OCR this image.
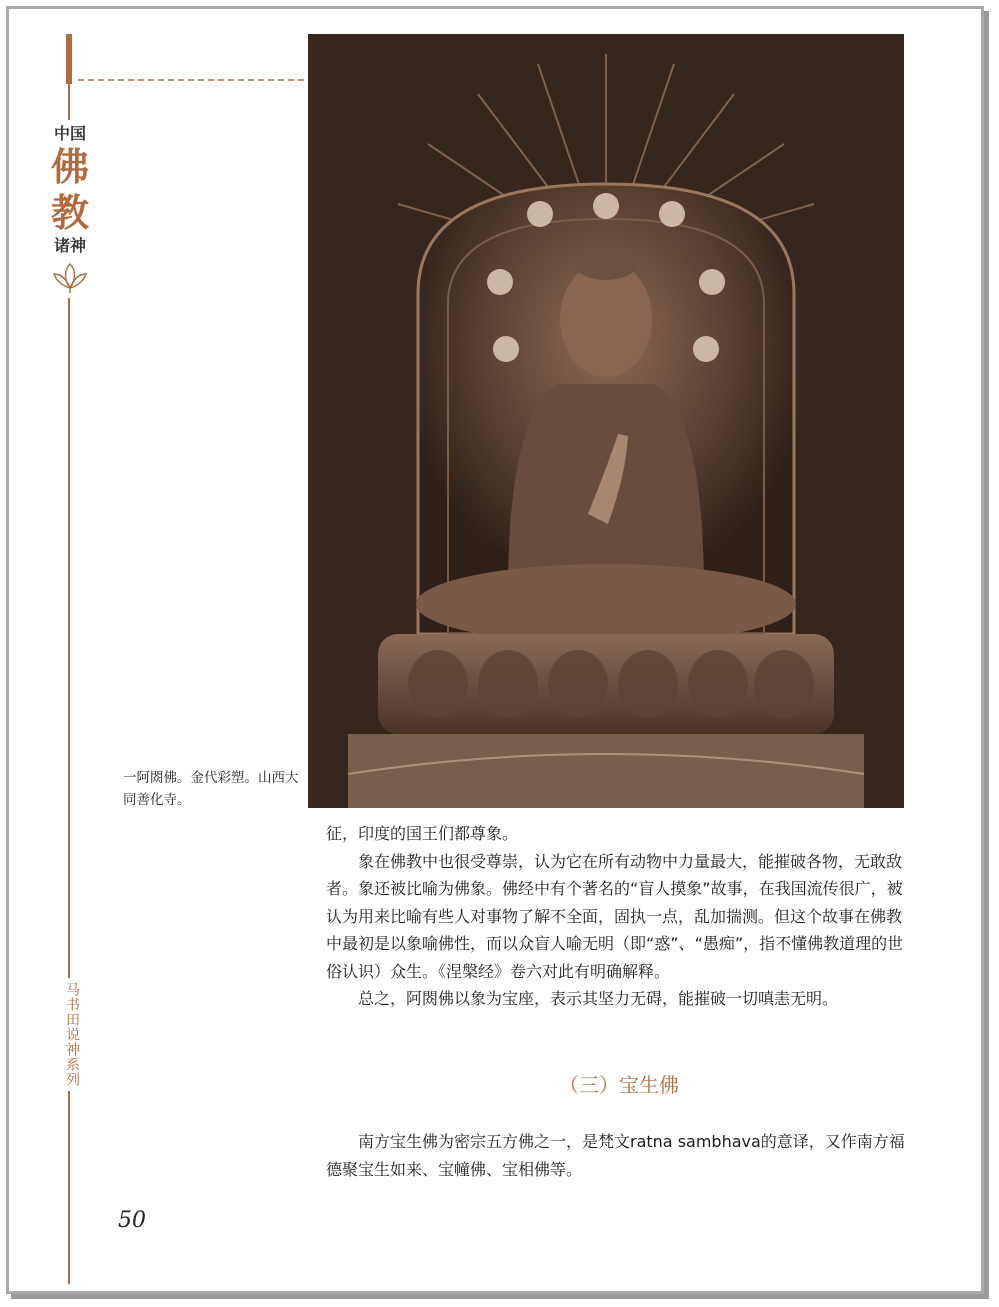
中国
佛
教
诸神
马书田说神系列
一阿閦佛。金代彩塑。山西大同善化寺。

征，印度的国王们都尊象。

象在佛教中也很受尊崇，认为它在所有动物中力量最大，能摧破各物，无敢敌者。象还被比喻为佛象。佛经中有个著名的“盲人摸象”故事，在我国流传很广，被认为用来比喻有些人对事物了解不全面，固执一点，乱加揣测。但这个故事在佛教中最初是以象喻佛性，而以众盲人喻无明（即“惑”、“愚痴”，指不懂佛教道理的世俗认识）众生。《涅槃经》卷六对此有明确解释。

总之，阿閦佛以象为宝座，表示其坚力无碍，能摧破一切嗔恚无明。

（三）宝生佛

南方宝生佛为密宗五方佛之一，是梵文ratna sambhava的意译，又作南方福德聚宝生如来、宝幢佛、宝相佛等。

50
